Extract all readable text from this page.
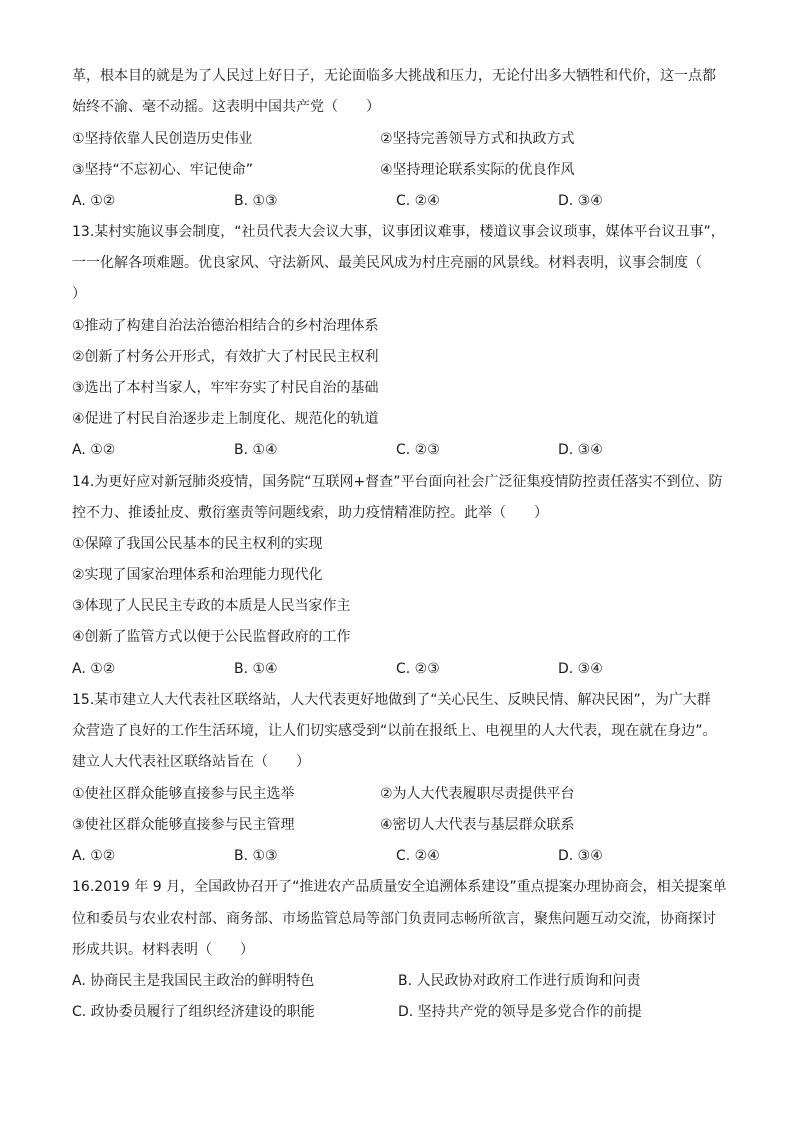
革，根本目的就是为了人民过上好日子，无论面临多大挑战和压力，无论付出多大牺牲和代价，这一点都
始终不渝、毫不动摇。这表明中国共产党（　　）
①坚持依靠人民创造历史伟业	②坚持完善领导方式和执政方式
③坚持“不忘初心、牢记使命”	④坚持理论联系实际的优良作风
A. ①②	B. ①③	C. ②④	D. ③④
13.某村实施议事会制度，“社员代表大会议大事，议事团议难事，楼道议事会议琐事，媒体平台议丑事”，
一一化解各项难题。优良家风、守法新风、最美民风成为村庄亮丽的风景线。材料表明，议事会制度（
）
①推动了构建自治法治德治相结合的乡村治理体系
②创新了村务公开形式，有效扩大了村民民主权利
③选出了本村当家人，牢牢夯实了村民自治的基础
④促进了村民自治逐步走上制度化、规范化的轨道
A. ①②	B. ①④	C. ②③	D. ③④
14.为更好应对新冠肺炎疫情，国务院“互联网+督查”平台面向社会广泛征集疫情防控责任落实不到位、防
控不力、推诿扯皮、敷衍塞责等问题线索，助力疫情精准防控。此举（　　）
①保障了我国公民基本的民主权利的实现
②实现了国家治理体系和治理能力现代化
③体现了人民民主专政的本质是人民当家作主
④创新了监管方式以便于公民监督政府的工作
A. ①②	B. ①④	C. ②③	D. ③④
15.某市建立人大代表社区联络站，人大代表更好地做到了“关心民生、反映民情、解决民困”，为广大群
众营造了良好的工作生活环境，让人们切实感受到“以前在报纸上、电视里的人大代表，现在就在身边”。
建立人大代表社区联络站旨在（　　）
①使社区群众能够直接参与民主选举	②为人大代表履职尽责提供平台
③使社区群众能够直接参与民主管理	④密切人大代表与基层群众联系
A. ①②	B. ①③	C. ②④	D. ③④
16.2019 年 9 月，全国政协召开了“推进农产品质量安全追溯体系建设”重点提案办理协商会，相关提案单
位和委员与农业农村部、商务部、市场监管总局等部门负责同志畅所欲言，聚焦问题互动交流，协商探讨
形成共识。材料表明（　　）
A. 协商民主是我国民主政治的鲜明特色	B. 人民政协对政府工作进行质询和问责
C. 政协委员履行了组织经济建设的职能	D. 坚持共产党的领导是多党合作的前提
